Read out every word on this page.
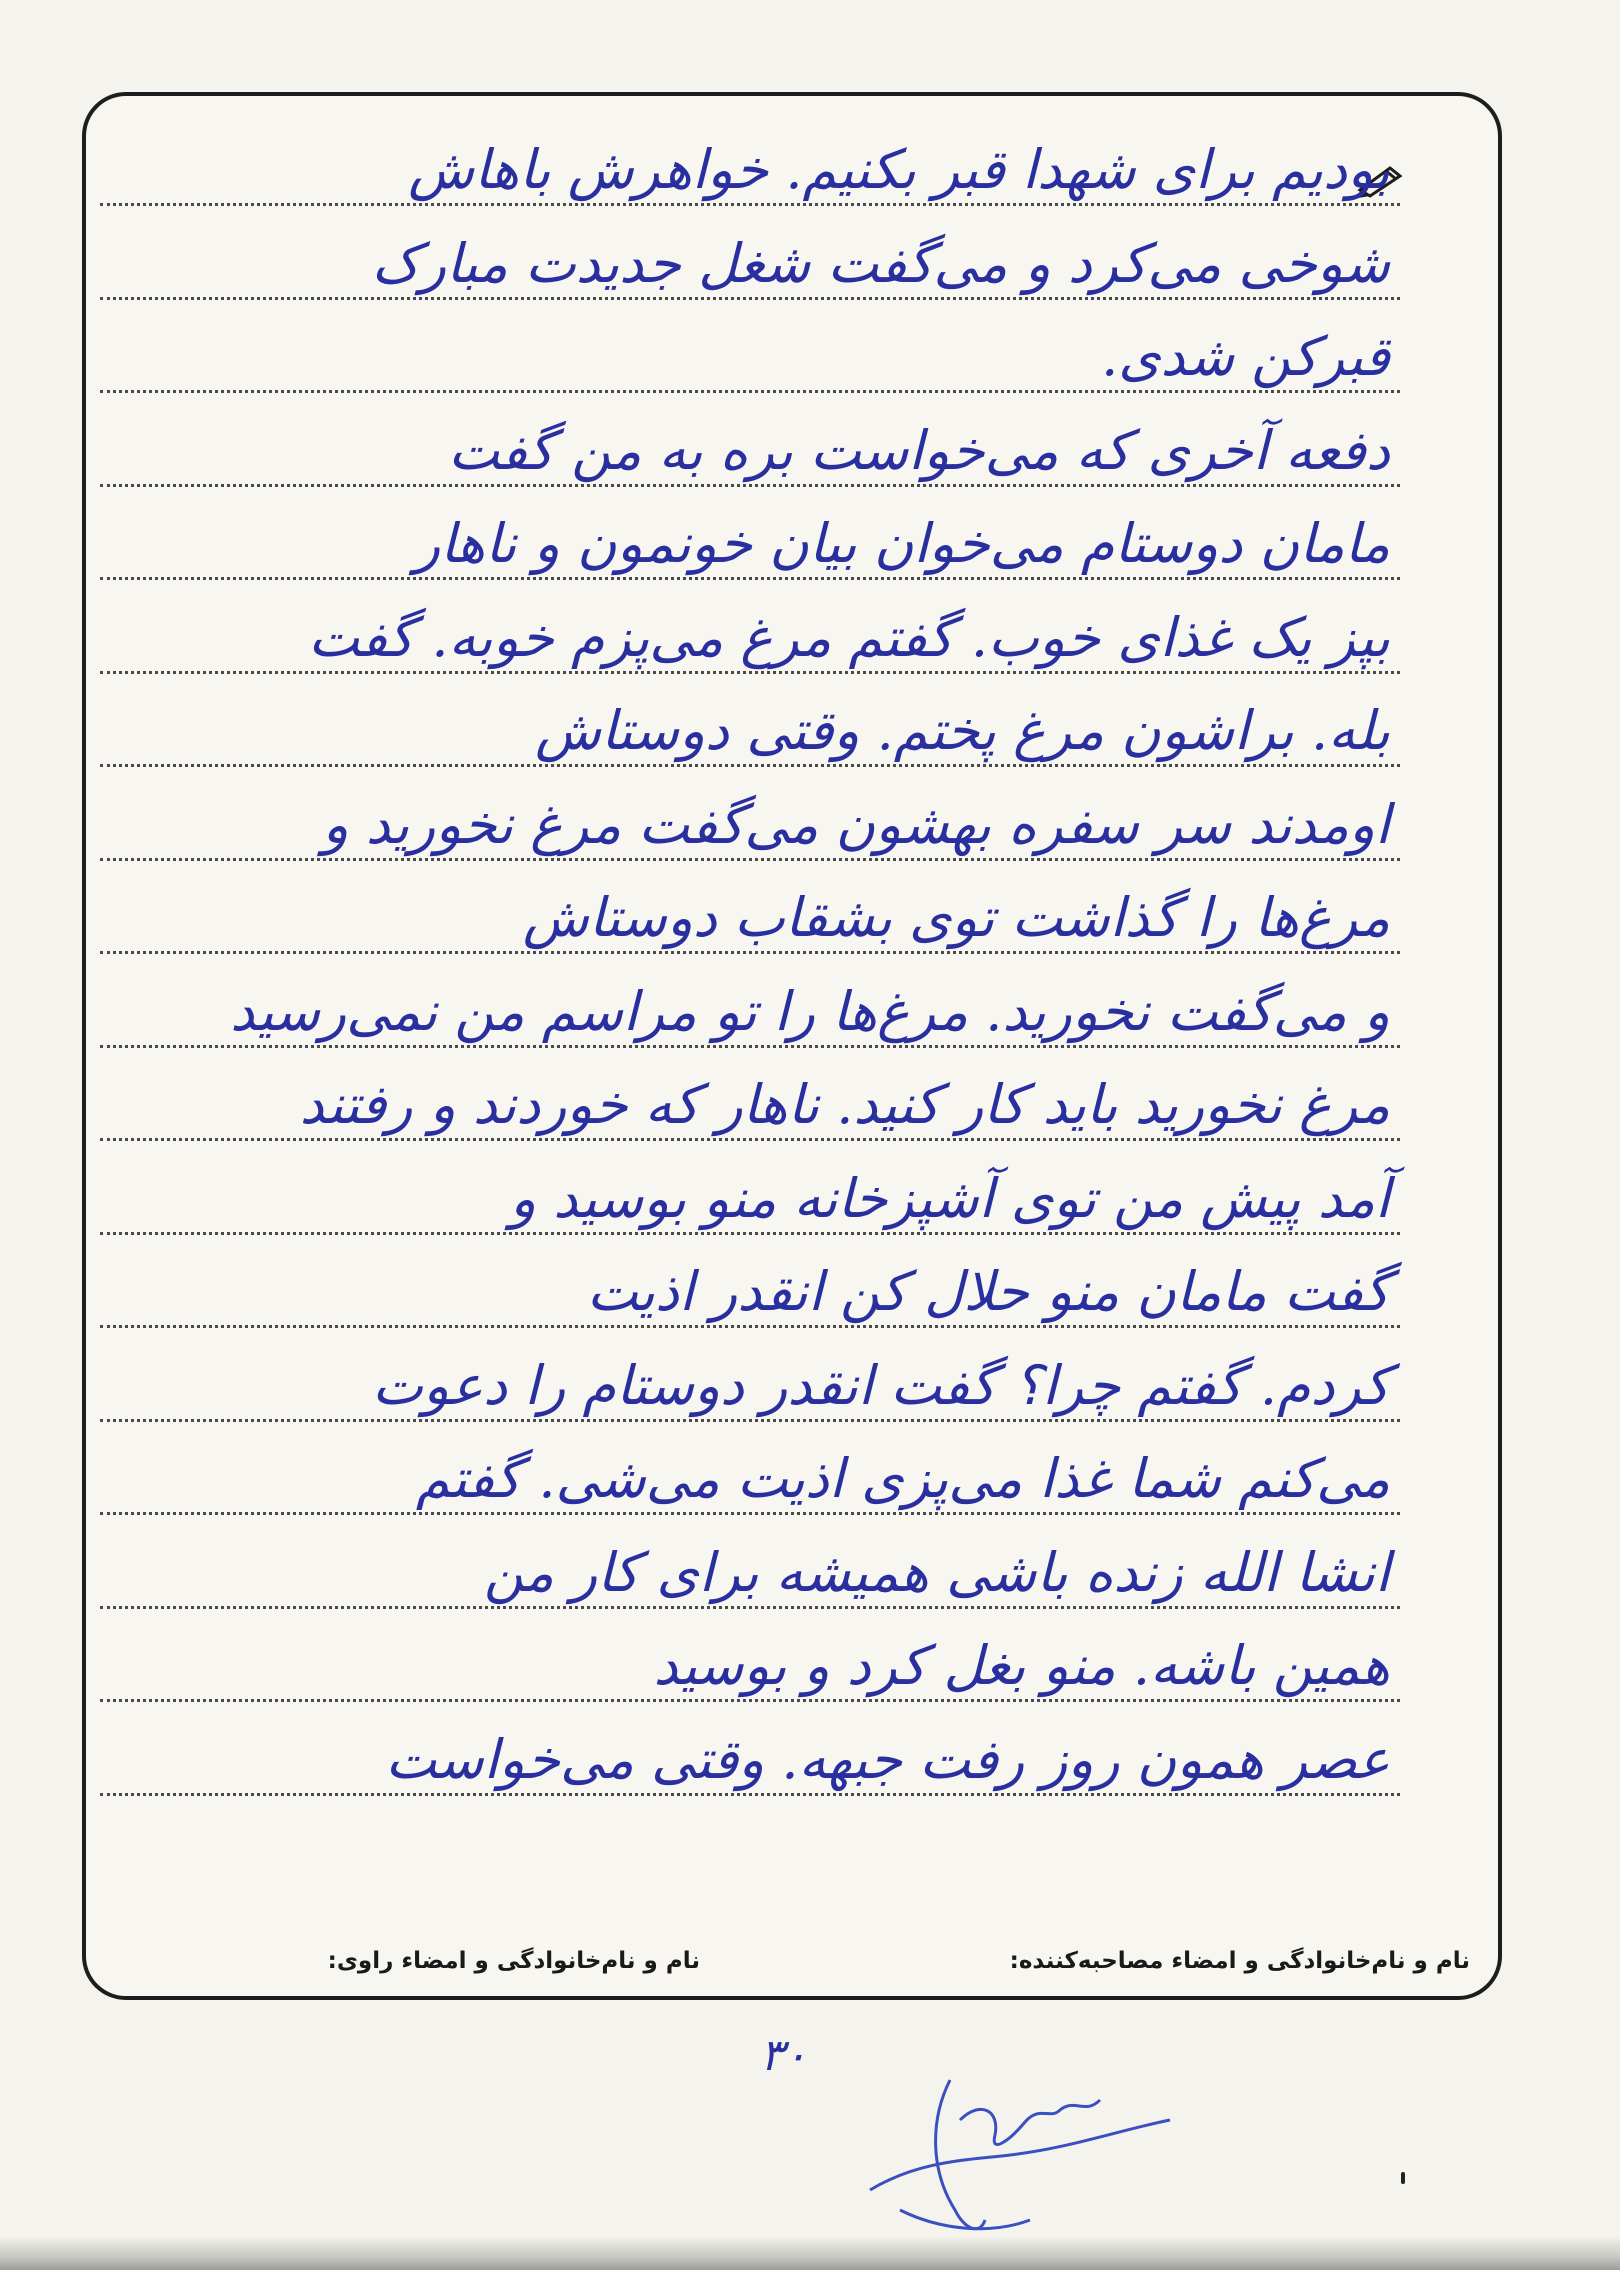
بودیم برای شهدا قبر بکنیم. خواهرش باهاش
شوخی می‌کرد و می‌گفت شغل جدیدت مبارک
قبرکن شدی.
دفعه آخری که می‌خواست بره به من گفت
مامان دوستام می‌خوان بیان خونمون و ناهار
بپز یک غذای خوب. گفتم مرغ می‌پزم خوبه. گفت
بله. براشون مرغ پختم. وقتی دوستاش
اومدند سر سفره بهشون می‌گفت مرغ نخورید و
مرغ‌ها را گذاشت توی بشقاب دوستاش
و می‌گفت نخورید. مرغ‌ها را تو مراسم من نمی‌رسید
مرغ نخورید باید کار کنید. ناهار که خوردند و رفتند
آمد پیش من توی آشپزخانه منو بوسید و
گفت مامان منو حلال کن انقدر اذیت
کردم. گفتم چرا؟ گفت انقدر دوستام را دعوت
می‌کنم شما غذا می‌پزی اذیت می‌شی. گفتم
انشا الله زنده باشی همیشه برای کار من
همین باشه. منو بغل کرد و بوسید
عصر همون روز رفت جبهه. وقتی می‌خواست
نام و نام‌خانوادگی و امضاء مصاحبه‌کننده:
نام و نام‌خانوادگی و امضاء راوی:
۳۰
